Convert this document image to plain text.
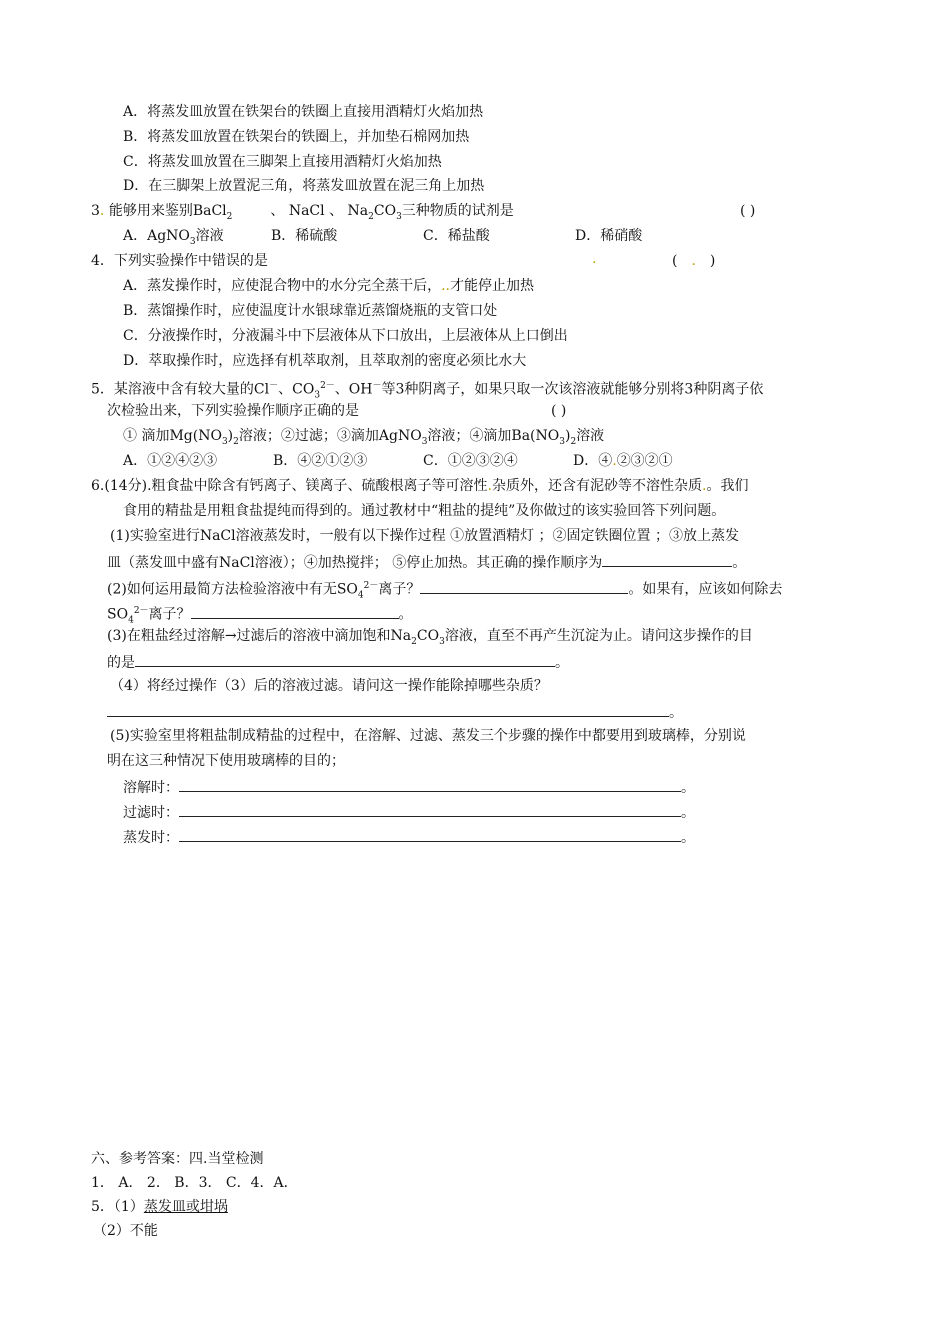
A．将蒸发皿放置在铁架台的铁圈上直接用酒精灯火焰加热
B．将蒸发皿放置在铁架台的铁圈上，并加垫石棉网加热
C．将蒸发皿放置在三脚架上直接用酒精灯火焰加热
D．在三脚架上放置泥三角，将蒸发皿放置在泥三角上加热
3. 能够用来鉴别BaCl$_2$	、 NaCl 、 $Na_2CO_3$三种物质的试剂是	( )
A．AgNO$_3$溶液	B．稀硫酸	C．稀盐酸	D．稀硝酸
4．下列实验操作中错误的是	.	( . )
A．蒸发操作时，应使混合物中的水分完全蒸干后，..才能停止加热
B．蒸馏操作时，应使温度计水银球靠近蒸馏烧瓶的支管口处
C．分液操作时，分液漏斗中下层液体从下口放出，上层液体从上口倒出
D．萃取操作时，应选择有机萃取剂，且萃取剂的密度必须比水大
5．某溶液中含有较大量的Cl－、$CO_3^{2-}$、OH－等3种阴离子，如果只取一次该溶液就能够分别将3种阴离子依
次检验出来，下列实验操作顺序正确的是	( )
① 滴加$Mg(NO_3)_2$溶液；②过滤；③滴加AgNO$_3$溶液；④滴加$Ba(NO_3)_2$溶液
A．①②④②③	B．④②①②③	C．①②③②④	D．④.②③②①
6.(14分).粗食盐中除含有钙离子、镁离子、硫酸根离子等可溶性.杂质外，还含有泥砂等不溶性杂质.。我们
食用的精盐是用粗食盐提纯而得到的。通过教材中“粗盐的提纯”及你做过的该实验回答下列问题。
(1)实验室进行NaCl溶液蒸发时，一般有以下操作过程 ①放置酒精灯 ；②固定铁圈位置 ；③放上蒸发
皿（蒸发皿中盛有NaCl溶液）；④加热搅拌； ⑤停止加热。其正确的操作顺序为	。
(2)如何运用最简方法检验溶液中有无$SO_4^{2-}$离子？	。如果有，应该如何除去
$SO_4^{2-}$离子？	。
(3)在粗盐经过溶解→过滤后的溶液中滴加饱和$Na_2CO_3$溶液，直至不再产生沉淀为止。请问这步操作的目
的是	。
（4）将经过操作（3）后的溶液过滤。请问这一操作能除掉哪些杂质？
。
(5)实验室里将粗盐制成精盐的过程中，在溶解、过滤、蒸发三个步骤的操作中都要用到玻璃棒，分别说
明在这三种情况下使用玻璃棒的目的；
溶解时：	。
过滤时：	。
蒸发时：	。
六、参考答案：四.当堂检测
1． A． 2． B．3． C．4．A．
5．（1）蒸发皿或坩埚
（2）不能
